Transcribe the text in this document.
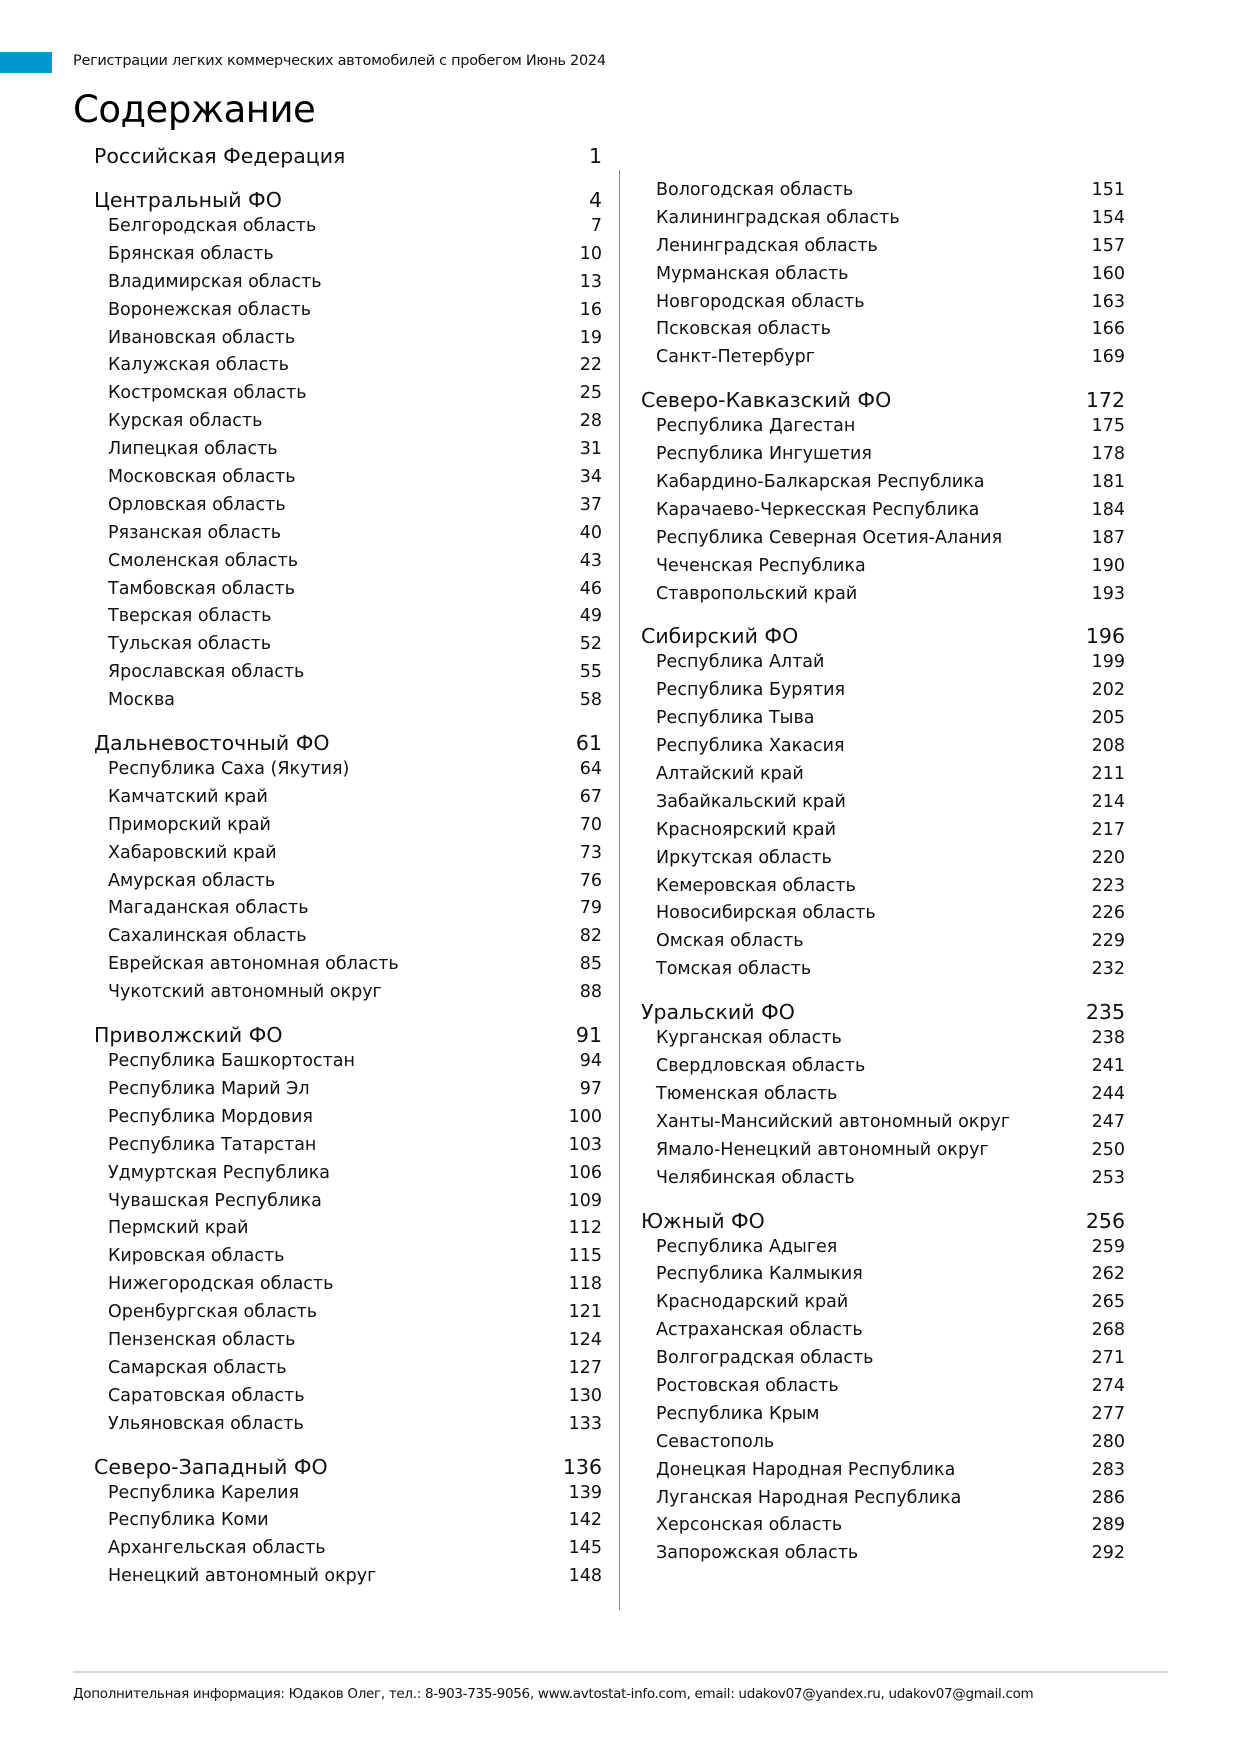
Регистрации легких коммерческих автомобилей с пробегом Июнь 2024
Содержание
Российская Федерация	1
Центральный ФО	4
Белгородская область	7
Брянская область	10
Владимирская область	13
Воронежская область	16
Ивановская область	19
Калужская область	22
Костромская область	25
Курская область	28
Липецкая область	31
Московская область	34
Орловская область	37
Рязанская область	40
Смоленская область	43
Тамбовская область	46
Тверская область	49
Тульская область	52
Ярославская область	55
Москва	58
Дальневосточный ФО	61
Республика Саха (Якутия)	64
Камчатский край	67
Приморский край	70
Хабаровский край	73
Амурская область	76
Магаданская область	79
Сахалинская область	82
Еврейская автономная область	85
Чукотский автономный округ	88
Приволжский ФО	91
Республика Башкортостан	94
Республика Марий Эл	97
Республика Мордовия	100
Республика Татарстан	103
Удмуртская Республика	106
Чувашская Республика	109
Пермский край	112
Кировская область	115
Нижегородская область	118
Оренбургская область	121
Пензенская область	124
Самарская область	127
Саратовская область	130
Ульяновская область	133
Северо-Западный ФО	136
Республика Карелия	139
Республика Коми	142
Архангельская область	145
Ненецкий автономный округ	148
Вологодская область	151
Калининградская область	154
Ленинградская область	157
Мурманская область	160
Новгородская область	163
Псковская область	166
Санкт-Петербург	169
Северо-Кавказский ФО	172
Республика Дагестан	175
Республика Ингушетия	178
Кабардино-Балкарская Республика	181
Карачаево-Черкесская Республика	184
Республика Северная Осетия-Алания	187
Чеченская Республика	190
Ставропольский край	193
Сибирский ФО	196
Республика Алтай	199
Республика Бурятия	202
Республика Тыва	205
Республика Хакасия	208
Алтайский край	211
Забайкальский край	214
Красноярский край	217
Иркутская область	220
Кемеровская область	223
Новосибирская область	226
Омская область	229
Томская область	232
Уральский ФО	235
Курганская область	238
Свердловская область	241
Тюменская область	244
Ханты-Мансийский автономный округ	247
Ямало-Ненецкий автономный округ	250
Челябинская область	253
Южный ФО	256
Республика Адыгея	259
Республика Калмыкия	262
Краснодарский край	265
Астраханская область	268
Волгоградская область	271
Ростовская область	274
Республика Крым	277
Севастополь	280
Донецкая Народная Республика	283
Луганская Народная Республика	286
Херсонская область	289
Запорожская область	292
Дополнительная информация: Юдаков Олег, тел.: 8-903-735-9056, www.avtostat-info.com, email: udakov07@yandex.ru, udakov07@gmail.com
